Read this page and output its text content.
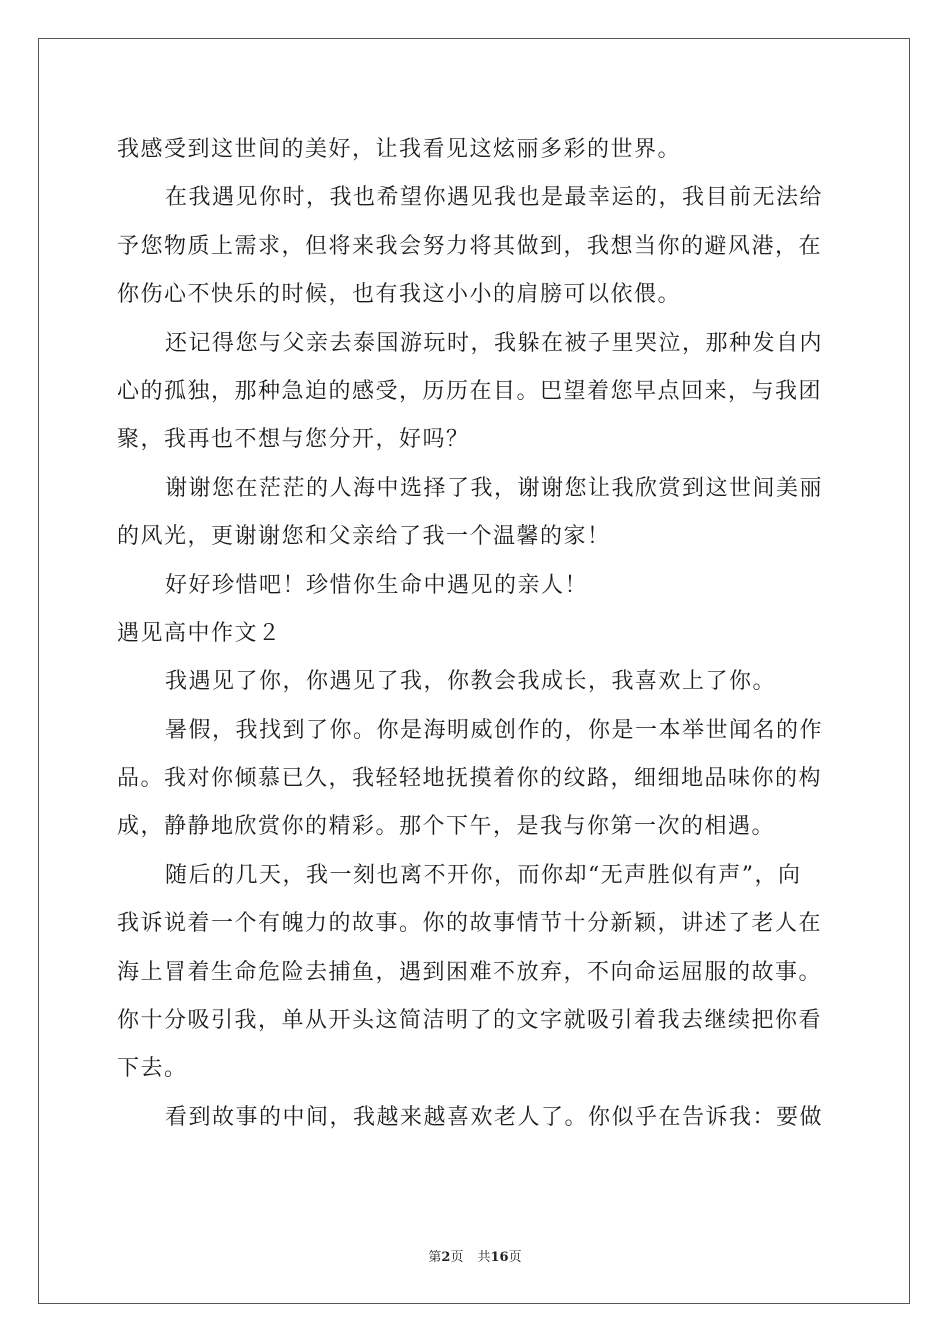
我感受到这世间的美好，让我看见这炫丽多彩的世界。
在我遇见你时，我也希望你遇见我也是最幸运的，我目前无法给
予您物质上需求，但将来我会努力将其做到，我想当你的避风港，在
你伤心不快乐的时候，也有我这小小的肩膀可以依偎。
还记得您与父亲去泰国游玩时，我躲在被子里哭泣，那种发自内
心的孤独，那种急迫的感受，历历在目。巴望着您早点回来，与我团
聚，我再也不想与您分开，好吗？
谢谢您在茫茫的人海中选择了我，谢谢您让我欣赏到这世间美丽
的风光，更谢谢您和父亲给了我一个温馨的家！
好好珍惜吧！珍惜你生命中遇见的亲人！
遇见高中作文２
我遇见了你，你遇见了我，你教会我成长，我喜欢上了你。
暑假，我找到了你。你是海明威创作的，你是一本举世闻名的作
品。我对你倾慕已久，我轻轻地抚摸着你的纹路，细细地品味你的构
成，静静地欣赏你的精彩。那个下午，是我与你第一次的相遇。
随后的几天，我一刻也离不开你，而你却“无声胜似有声”，向
我诉说着一个有魄力的故事。你的故事情节十分新颖，讲述了老人在
海上冒着生命危险去捕鱼，遇到困难不放弃，不向命运屈服的故事。
你十分吸引我，单从开头这简洁明了的文字就吸引着我去继续把你看
下去。
看到故事的中间，我越来越喜欢老人了。你似乎在告诉我：要做
第2页 共16页
